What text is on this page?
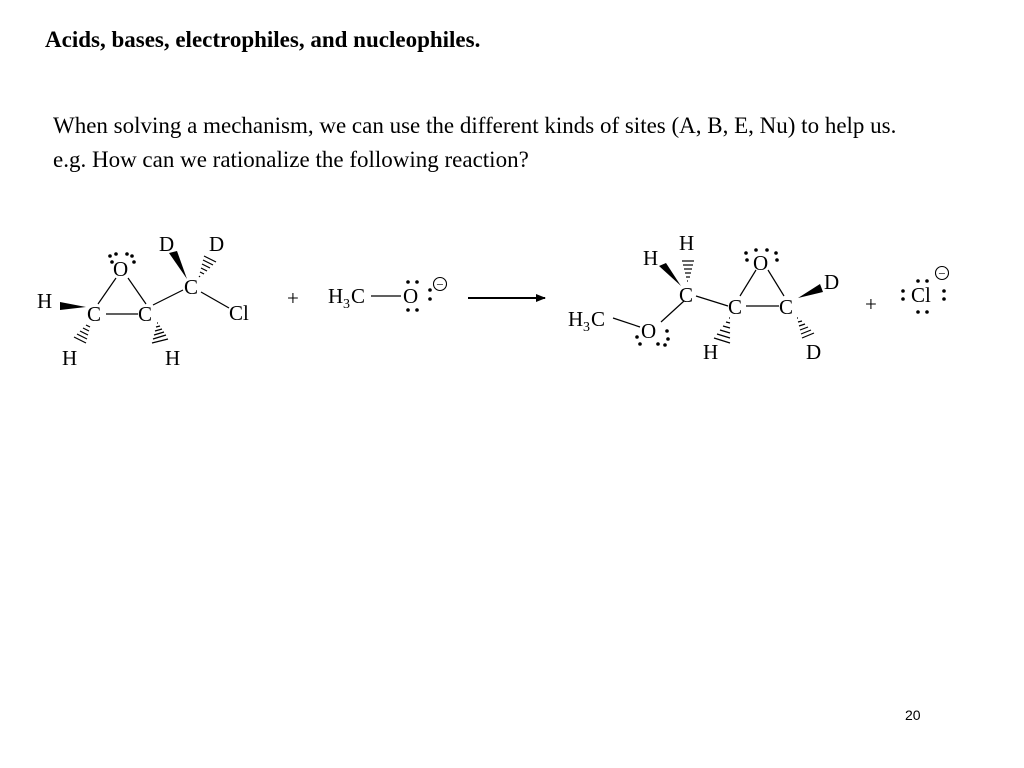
Acids, bases, electrophiles, and nucleophiles.

When solving a mechanism, we can use the different kinds of sites (A, B, E, Nu) to help us.

e.g. How can we rationalize the following reaction?

O
C C
C
H
H	H
D D
Cl
+ H 3 C O −
H
H
C
O
C C
D
D
H
H 3 C O
+ Cl
−
20
